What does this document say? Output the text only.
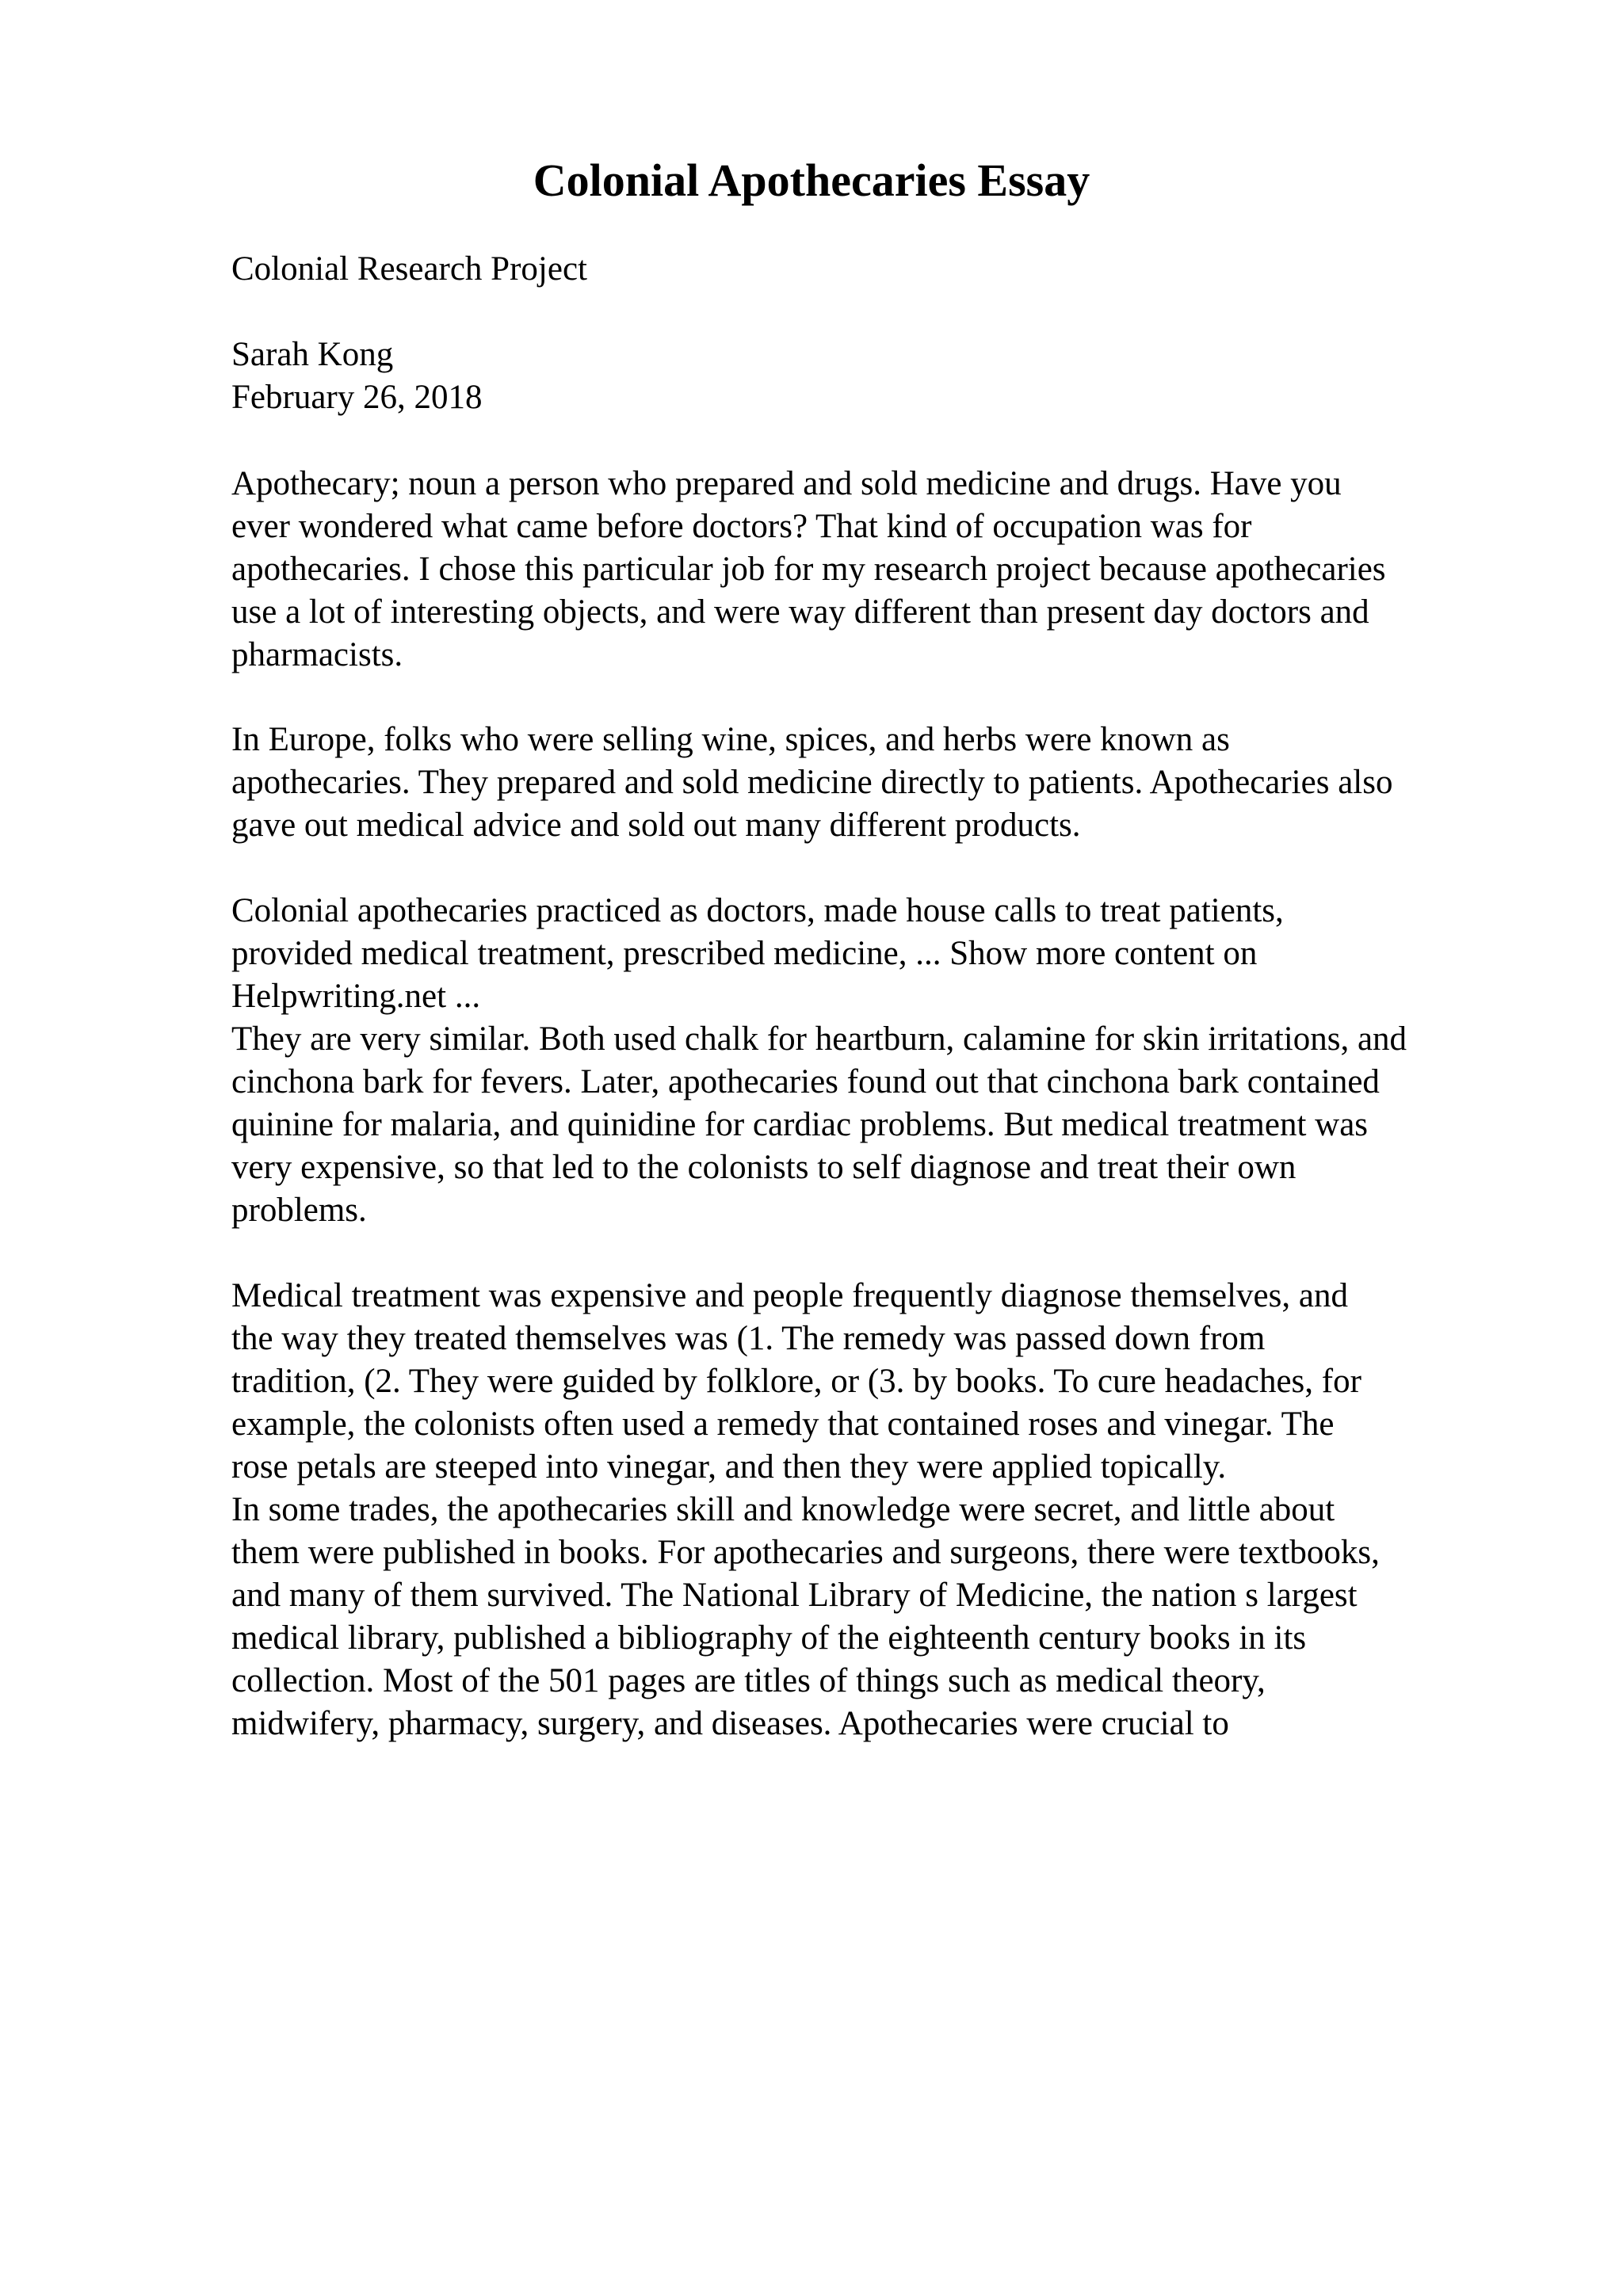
Colonial Apothecaries Essay

Colonial Research Project

Sarah Kong

February 26, 2018

Apothecary; noun a person who prepared and sold medicine and drugs. Have you

ever wondered what came before doctors? That kind of occupation was for

apothecaries. I chose this particular job for my research project because apothecaries

use a lot of interesting objects, and were way different than present day doctors and

pharmacists.

In Europe, folks who were selling wine, spices, and herbs were known as

apothecaries. They prepared and sold medicine directly to patients. Apothecaries also

gave out medical advice and sold out many different products.

Colonial apothecaries practiced as doctors, made house calls to treat patients,

provided medical treatment, prescribed medicine, ... Show more content on

Helpwriting.net ...

They are very similar. Both used chalk for heartburn, calamine for skin irritations, and

cinchona bark for fevers. Later, apothecaries found out that cinchona bark contained

quinine for malaria, and quinidine for cardiac problems. But medical treatment was

very expensive, so that led to the colonists to self diagnose and treat their own

problems.

Medical treatment was expensive and people frequently diagnose themselves, and

the way they treated themselves was (1. The remedy was passed down from

tradition, (2. They were guided by folklore, or (3. by books. To cure headaches, for

example, the colonists often used a remedy that contained roses and vinegar. The

rose petals are steeped into vinegar, and then they were applied topically.

In some trades, the apothecaries skill and knowledge were secret, and little about

them were published in books. For apothecaries and surgeons, there were textbooks,

and many of them survived. The National Library of Medicine, the nation s largest

medical library, published a bibliography of the eighteenth century books in its

collection. Most of the 501 pages are titles of things such as medical theory,

midwifery, pharmacy, surgery, and diseases. Apothecaries were crucial to
